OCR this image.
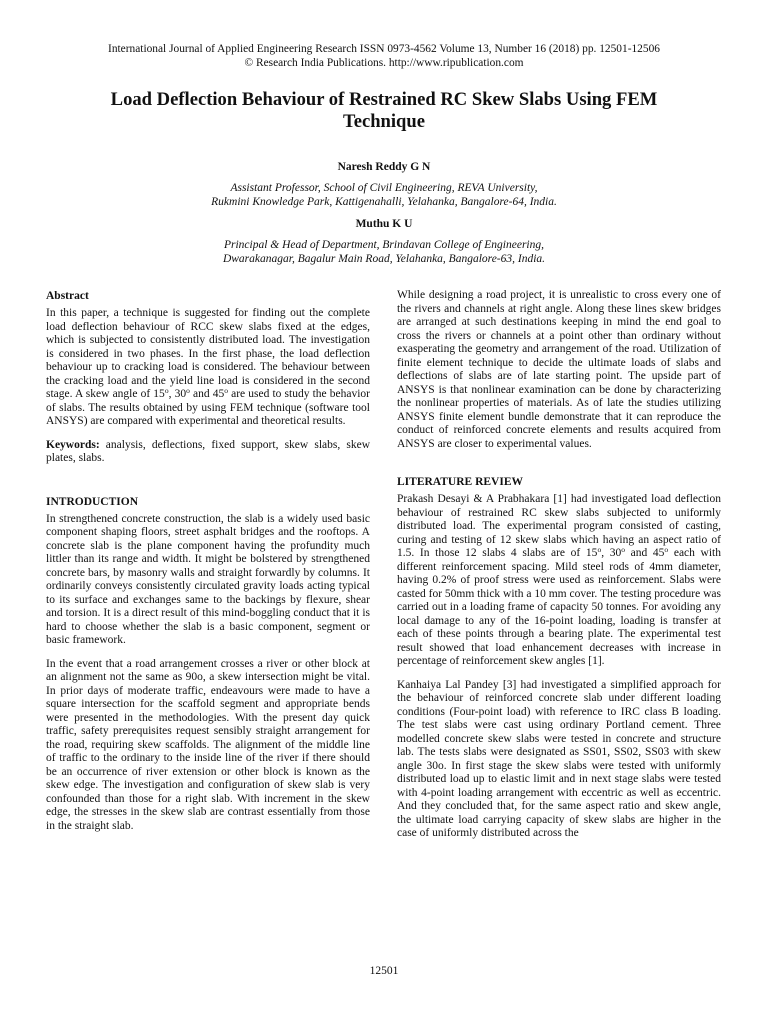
International Journal of Applied Engineering Research ISSN 0973-4562 Volume 13, Number 16 (2018) pp. 12501-12506
© Research India Publications. http://www.ripublication.com
Load Deflection Behaviour of Restrained RC Skew Slabs Using FEM
Technique
Naresh Reddy G N
Assistant Professor, School of Civil Engineering, REVA University,
Rukmini Knowledge Park, Kattigenahalli, Yelahanka, Bangalore-64, India.
Muthu K U
Principal & Head of Department, Brindavan College of Engineering,
Dwarakanagar, Bagalur Main Road, Yelahanka, Bangalore-63, India.
Abstract

In this paper, a technique is suggested for finding out the complete load deflection behaviour of RCC skew slabs fixed at the edges, which is subjected to consistently distributed load. The investigation is considered in two phases. In the first phase, the load deflection behaviour up to cracking load is considered. The behaviour between the cracking load and the yield line load is considered in the second stage. A skew angle of 15$^o$, 30$^o$ and 45$^o$ are used to study the behavior of slabs. The results obtained by using FEM technique (software tool ANSYS) are compared with experimental and theoretical results.

Keywords: analysis, deflections, fixed support, skew slabs, skew plates, slabs.

INTRODUCTION

In strengthened concrete construction, the slab is a widely used basic component shaping floors, street asphalt bridges and the rooftops. A concrete slab is the plane component having the profundity much littler than its range and width. It might be bolstered by strengthened concrete bars, by masonry walls and straight forwardly by columns. It ordinarily conveys consistently circulated gravity loads acting typical to its surface and exchanges same to the backings by flexure, shear and torsion. It is a direct result of this mind-boggling conduct that it is hard to choose whether the slab is a basic component, segment or basic framework.

In the event that a road arrangement crosses a river or other block at an alignment not the same as 90o, a skew intersection might be vital. In prior days of moderate traffic, endeavours were made to have a square intersection for the scaffold segment and appropriate bends were presented in the methodologies. With the present day quick traffic, safety prerequisites request sensibly straight arrangement for the road, requiring skew scaffolds. The alignment of the middle line of traffic to the ordinary to the inside line of the river if there should be an occurrence of river extension or other block is known as the skew edge. The investigation and configuration of skew slab is very confounded than those for a right slab. With increment in the skew edge, the stresses in the skew slab are contrast essentially from those in the straight slab.

While designing a road project, it is unrealistic to cross every one of the rivers and channels at right angle. Along these lines skew bridges are arranged at such destinations keeping in mind the end goal to cross the rivers or channels at a point other than ordinary without exasperating the geometry and arrangement of the road. Utilization of finite element technique to decide the ultimate loads of slabs and deflections of slabs are of late starting point. The upside part of ANSYS is that nonlinear examination can be done by characterizing the nonlinear properties of materials. As of late the studies utilizing ANSYS finite element bundle demonstrate that it can reproduce the conduct of reinforced concrete elements and results acquired from ANSYS are closer to experimental values.

LITERATURE REVIEW

Prakash Desayi & A Prabhakara [1] had investigated load deflection behaviour of restrained RC skew slabs subjected to uniformly distributed load. The experimental program consisted of casting, curing and testing of 12 skew slabs which having an aspect ratio of 1.5. In those 12 slabs 4 slabs are of 15$^o$, 30$^o$ and 45$^o$ each with different reinforcement spacing. Mild steel rods of 4mm diameter, having 0.2% of proof stress were used as reinforcement. Slabs were casted for 50mm thick with a 10 mm cover. The testing procedure was carried out in a loading frame of capacity 50 tonnes. For avoiding any local damage to any of the 16-point loading, loading is transfer at each of these points through a bearing plate. The experimental test result showed that load enhancement decreases with increase in percentage of reinforcement skew angles [1].

Kanhaiya Lal Pandey [3] had investigated a simplified approach for the behaviour of reinforced concrete slab under different loading conditions (Four-point load) with reference to IRC class B loading. The test slabs were cast using ordinary Portland cement. Three modelled concrete skew slabs were tested in concrete and structure lab. The tests slabs were designated as SS01, SS02, SS03 with skew angle 30o. In first stage the skew slabs were tested with uniformly distributed load up to elastic limit and in next stage slabs were tested with 4-point loading arrangement with eccentric as well as eccentric. And they concluded that, for the same aspect ratio and skew angle, the ultimate load carrying capacity of skew slabs are higher in the case of uniformly distributed across the

12501
